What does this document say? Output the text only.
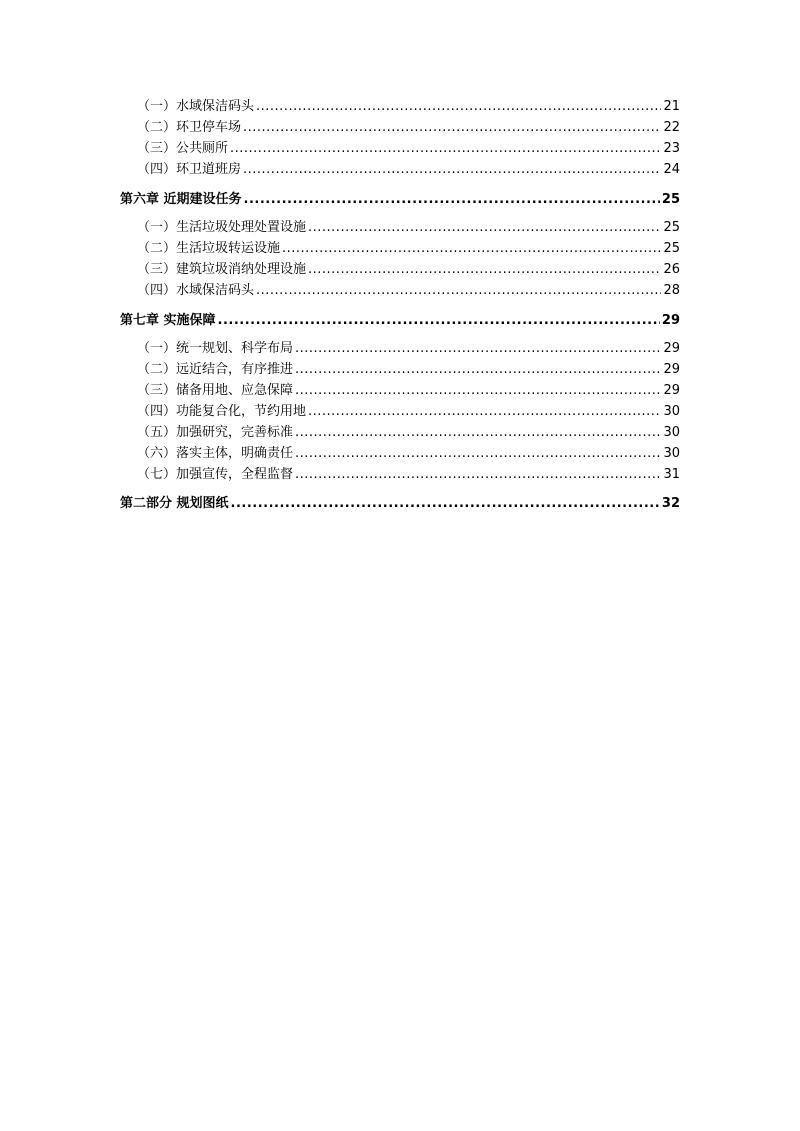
（一）水域保洁码头 .....	21
（二）环卫停车场 .....	22
（三）公共厕所 .....	23
（四）环卫道班房 .....	24
第六章 近期建设任务 .....	25
（一）生活垃圾处理处置设施 .....	25
（二）生活垃圾转运设施 .....	25
（三）建筑垃圾消纳处理设施 .....	26
（四）水域保洁码头 .....	28
第七章 实施保障 .....	29
（一）统一规划、科学布局 .....	29
（二）远近结合，有序推进 .....	29
（三）储备用地、应急保障 .....	29
（四）功能复合化，节约用地 .....	30
（五）加强研究，完善标准 .....	30
（六）落实主体，明确责任 .....	30
（七）加强宣传，全程监督 .....	31
第二部分 规划图纸 .....	32
